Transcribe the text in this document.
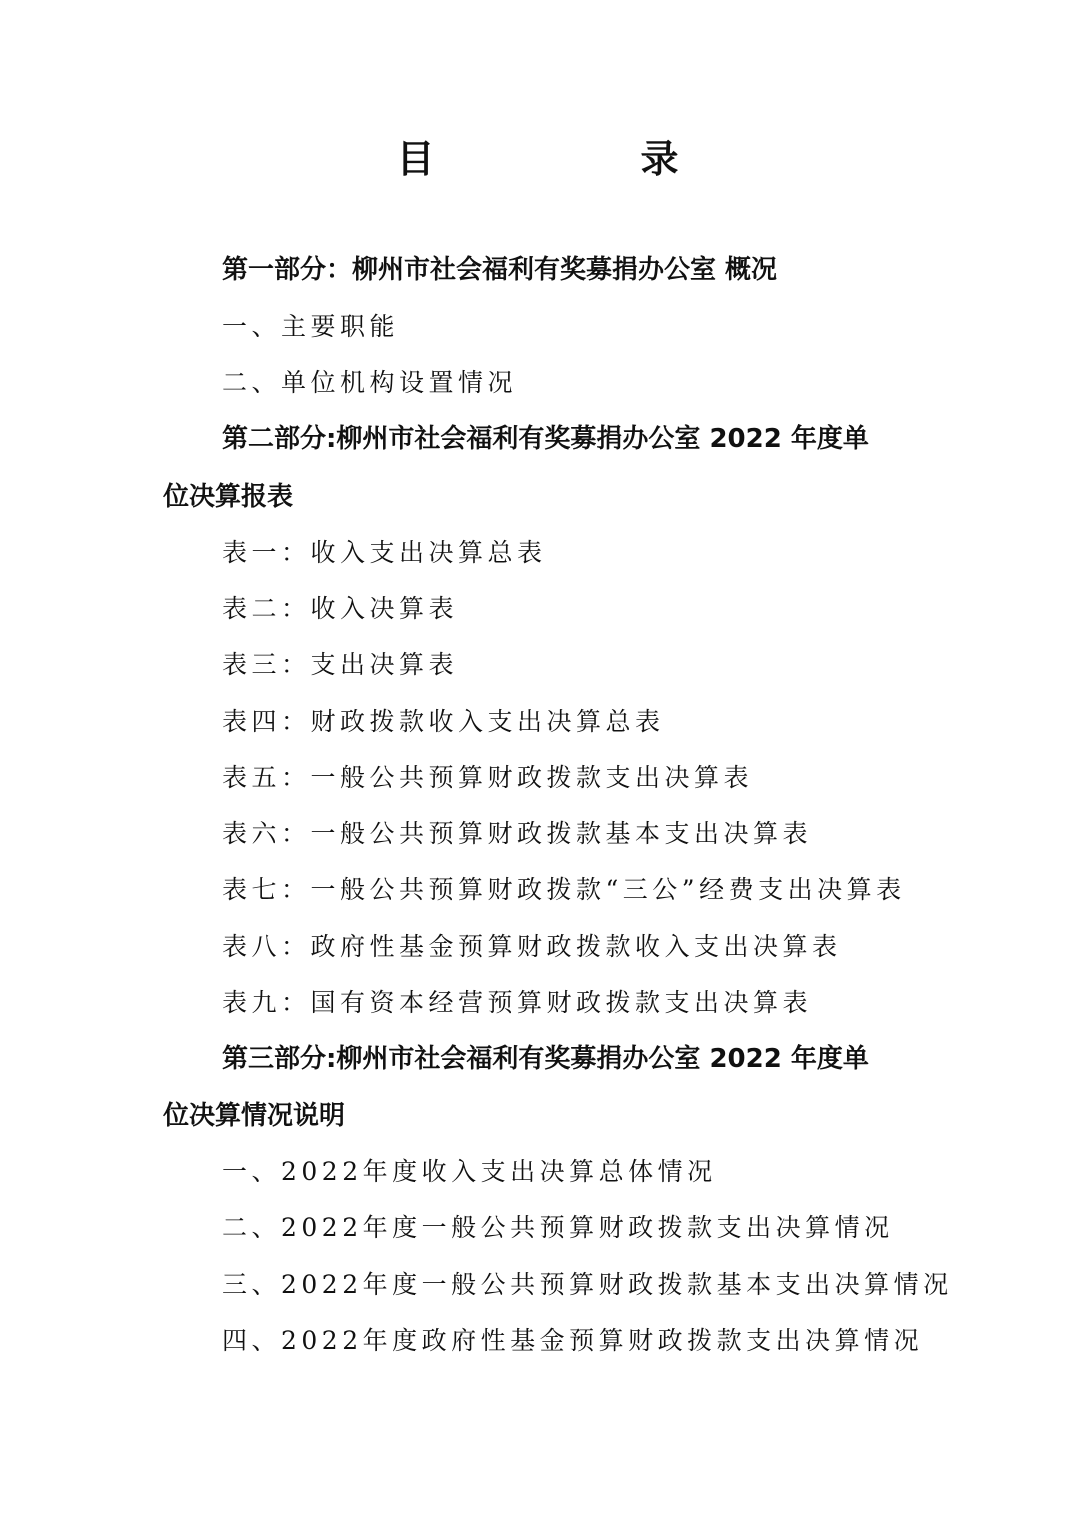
目　录
第一部分：柳州市社会福利有奖募捐办公室 概况
一、主要职能
二、单位机构设置情况
第二部分:柳州市社会福利有奖募捐办公室 2022 年度单
位决算报表
表一：收入支出决算总表
表二：收入决算表
表三：支出决算表
表四：财政拨款收入支出决算总表
表五：一般公共预算财政拨款支出决算表
表六：一般公共预算财政拨款基本支出决算表
表七：一般公共预算财政拨款“三公”经费支出决算表
表八：政府性基金预算财政拨款收入支出决算表
表九：国有资本经营预算财政拨款支出决算表
第三部分:柳州市社会福利有奖募捐办公室 2022 年度单
位决算情况说明
一、2022年度收入支出决算总体情况
二、2022年度一般公共预算财政拨款支出决算情况
三、2022年度一般公共预算财政拨款基本支出决算情况
四、2022年度政府性基金预算财政拨款支出决算情况
